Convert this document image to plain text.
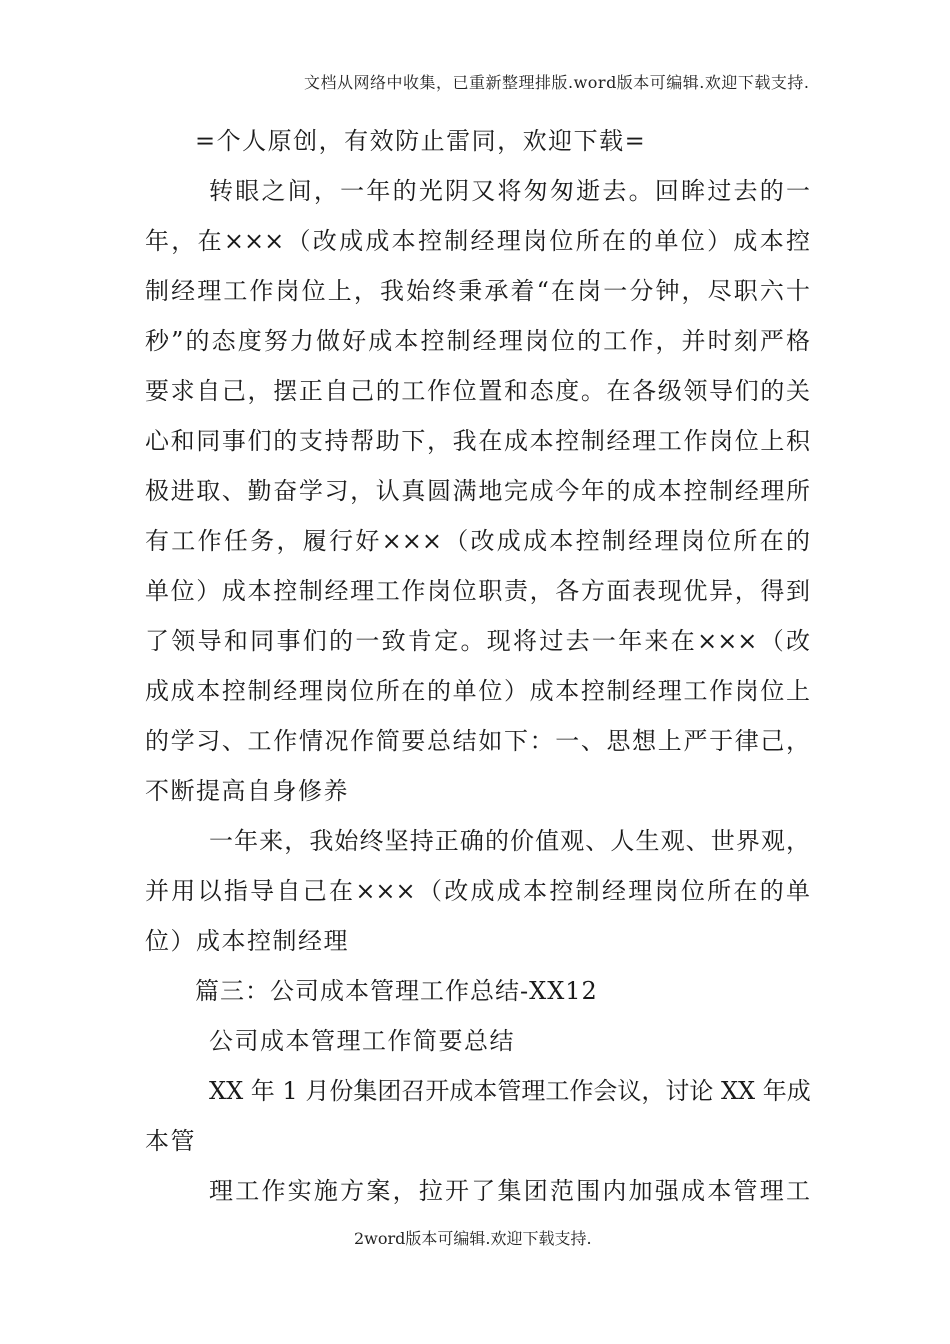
文档从网络中收集，已重新整理排版.word版本可编辑.欢迎下载支持.
=个人原创，有效防止雷同，欢迎下载=
转眼之间，一年的光阴又将匆匆逝去。回眸过去的一
年，在×××（改成成本控制经理岗位所在的单位）成本控
制经理工作岗位上，我始终秉承着“在岗一分钟，尽职六十
秒”的态度努力做好成本控制经理岗位的工作，并时刻严格
要求自己，摆正自己的工作位置和态度。在各级领导们的关
心和同事们的支持帮助下，我在成本控制经理工作岗位上积
极进取、勤奋学习，认真圆满地完成今年的成本控制经理所
有工作任务，履行好×××（改成成本控制经理岗位所在的
单位）成本控制经理工作岗位职责，各方面表现优异，得到
了领导和同事们的一致肯定。现将过去一年来在×××（改
成成本控制经理岗位所在的单位）成本控制经理工作岗位上
的学习、工作情况作简要总结如下：一、思想上严于律己，
不断提高自身修养
一年来，我始终坚持正确的价值观、人生观、世界观，
并用以指导自己在×××（改成成本控制经理岗位所在的单
位）成本控制经理
篇三：公司成本管理工作总结-XX12
公司成本管理工作简要总结
XX 年 1 月份集团召开成本管理工作会议，讨论 XX 年成
本管
理工作实施方案，拉开了集团范围内加强成本管理工
2word版本可编辑.欢迎下载支持.
